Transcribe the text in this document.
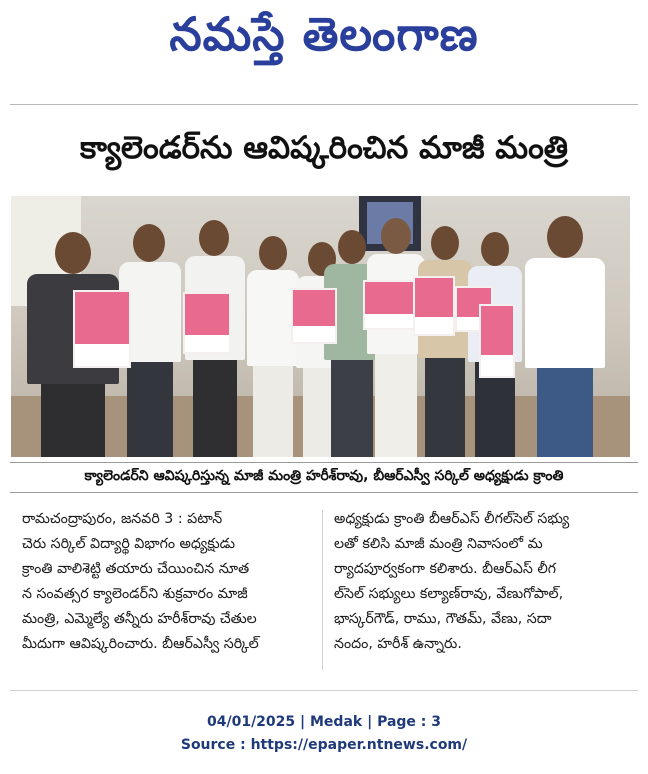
నమస్తే తెలంగాణ
క్యాలెండర్‌ను ఆవిష్కరించిన మాజీ మంత్రి
క్యాలెండర్‌ని ఆవిష్కరిస్తున్న మాజీ మంత్రి హరీశ్‌రావు, బీఆర్‌ఎస్వీ సర్కిల్ అధ్యక్షుడు క్రాంతి
రామచంద్రాపురం, జనవరి 3 : పటాన్
చెరు సర్కిల్ విద్యార్థి విభాగం అధ్యక్షుడు
క్రాంతి వాలిశెట్టి తయారు చేయించిన నూత
న సంవత్సర క్యాలెండర్‌ని శుక్రవారం మాజీ
మంత్రి, ఎమ్మెల్యే తన్నీరు హరీశ్‌రావు చేతుల
మీదుగా ఆవిష్కరించారు. బీఆర్‌ఎస్వీ సర్కిల్
అధ్యక్షుడు క్రాంతి బీఆర్‌ఎస్ లీగల్‌సెల్ సభ్యు
లతో కలిసి మాజీ మంత్రి నివాసంలో మ
ర్యాదపూర్వకంగా కలిశారు. బీఆర్‌ఎస్ లీగ
ల్‌సెల్ సభ్యులు కల్యాణ్‌రావు, వేణుగోపాల్,
భాస్కర్‌గౌడ్, రాము, గౌతమ్, వేణు, సదా
నందం, హరీశ్ ఉన్నారు.
04/01/2025 | Medak | Page : 3
Source : https://epaper.ntnews.com/
